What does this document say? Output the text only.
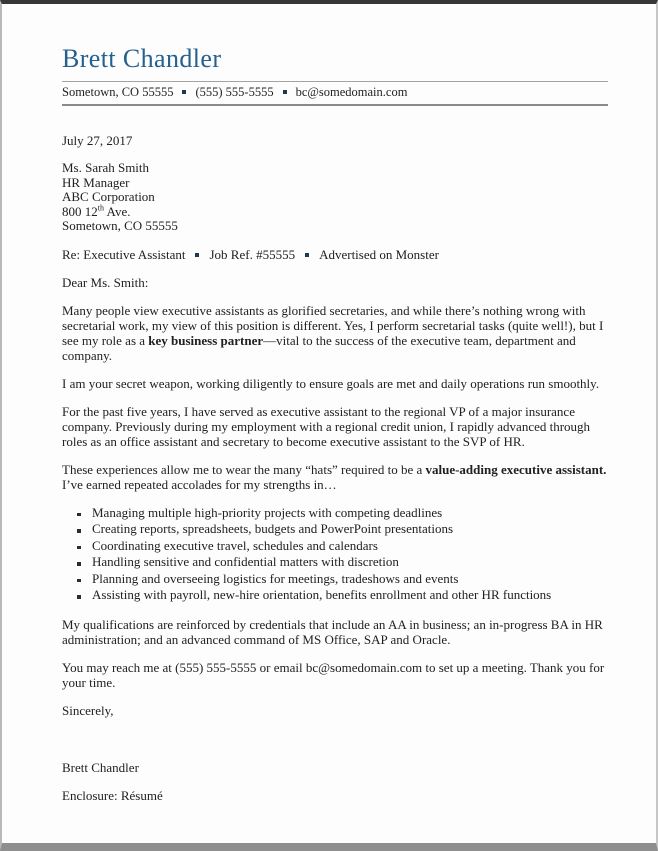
Brett Chandler
Sometown, CO 55555 (555) 555-5555 bc@somedomain.com

July 27, 2017

Ms. Sarah Smith
HR Manager
ABC Corporation
800 12th Ave.
Sometown, CO 55555

Re: Executive Assistant Job Ref. #55555 Advertised on Monster

Dear Ms. Smith:

Many people view executive assistants as glorified secretaries, and while there’s nothing wrong with secretarial work, my view of this position is different. Yes, I perform secretarial tasks (quite well!), but I see my role as a key business partner—vital to the success of the executive team, department and company.

I am your secret weapon, working diligently to ensure goals are met and daily operations run smoothly.

For the past five years, I have served as executive assistant to the regional VP of a major insurance company. Previously during my employment with a regional credit union, I rapidly advanced through roles as an office assistant and secretary to become executive assistant to the SVP of HR.

These experiences allow me to wear the many “hats” required to be a value-adding executive assistant. I’ve earned repeated accolades for my strengths in…

Managing multiple high-priority projects with competing deadlines
Creating reports, spreadsheets, budgets and PowerPoint presentations
Coordinating executive travel, schedules and calendars
Handling sensitive and confidential matters with discretion
Planning and overseeing logistics for meetings, tradeshows and events
Assisting with payroll, new-hire orientation, benefits enrollment and other HR functions

My qualifications are reinforced by credentials that include an AA in business; an in-progress BA in HR administration; and an advanced command of MS Office, SAP and Oracle.

You may reach me at (555) 555-5555 or email bc@somedomain.com to set up a meeting. Thank you for your time.

Sincerely,

Brett Chandler

Enclosure: Résumé
